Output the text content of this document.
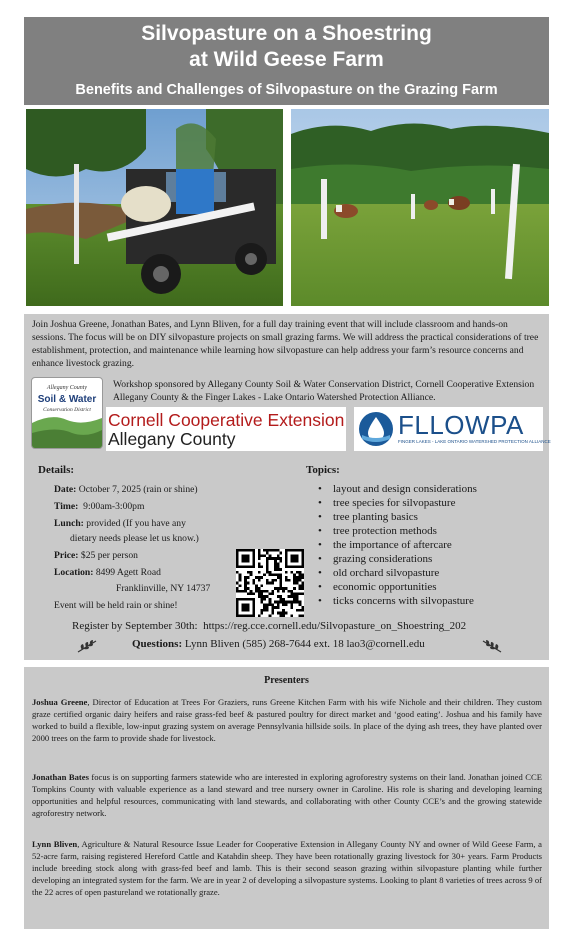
Silvopasture on a Shoestring
at Wild Geese Farm
Benefits and Challenges of Silvopasture on the Grazing Farm
Join Joshua Greene, Jonathan Bates, and Lynn Bliven, for a full day training event that will include classroom and hands-on sessions. The focus will be on DIY silvopasture projects on small grazing farms. We will address the practical considerations of tree establishment, protection, and maintenance while learning how silvopasture can help address your farm’s resource concerns and enhance livestock grazing.
Allegany County
Soil & Water
Conservation District
Workshop sponsored by Allegany County Soil & Water Conservation District, Cornell Cooperative Extension Allegany County & the Finger Lakes - Lake Ontario Watershed Protection Alliance.
Cornell Cooperative Extension
Allegany County	FLLOWPA
FINGER LAKES - LAKE ONTARIO WATERSHED PROTECTION ALLIANCE
Details:
Date: October 7, 2025 (rain or shine)
Time: 9:00am-3:00pm
Lunch: provided (If you have any
dietary needs please let us know.)
Price: $25 per person
Location: 8499 Agett Road
Franklinville, NY 14737
Event will be held rain or shine!
Topics:
• layout and design considerations
• tree species for silvopasture
• tree planting basics
• tree protection methods
• the importance of aftercare
• grazing considerations
• old orchard silvopasture
• economic opportunities
• ticks concerns with silvopasture
Register by September 30th: https://reg.cce.cornell.edu/Silvopasture_on_Shoestring_202
Questions: Lynn Bliven (585) 268-7644 ext. 18 lao3@cornell.edu
Presenters
Joshua Greene, Director of Education at Trees For Graziers, runs Greene Kitchen Farm with his wife Nichole and their children. They custom graze certified organic dairy heifers and raise grass-fed beef & pastured poultry for direct market and ‘good eating’. Joshua and his family have worked to build a flexible, low-input grazing system on average Pennsylvania hillside soils. In place of the dying ash trees, they have planted over 2000 trees on the farm to provide shade for livestock.
Jonathan Bates focus is on supporting farmers statewide who are interested in exploring agroforestry systems on their land. Jonathan joined CCE Tompkins County with valuable experience as a land steward and tree nursery owner in Caroline. His role is sharing and developing learning opportunities and helpful resources, communicating with land stewards, and collaborating with other County CCE’s and the growing statewide agroforestry network.
Lynn Bliven, Agriculture & Natural Resource Issue Leader for Cooperative Extension in Allegany County NY and owner of Wild Geese Farm, a 52-acre farm, raising registered Hereford Cattle and Katahdin sheep. They have been rotationally grazing livestock for 30+ years. Farm Products include breeding stock along with grass-fed beef and lamb. This is their second season grazing within silvopasture planting while further developing an integrated system for the farm. We are in year 2 of developing a silvopasture systems. Looking to plant 8 varieties of trees across 9 of the 22 acres of open pastureland we rotationally graze.
